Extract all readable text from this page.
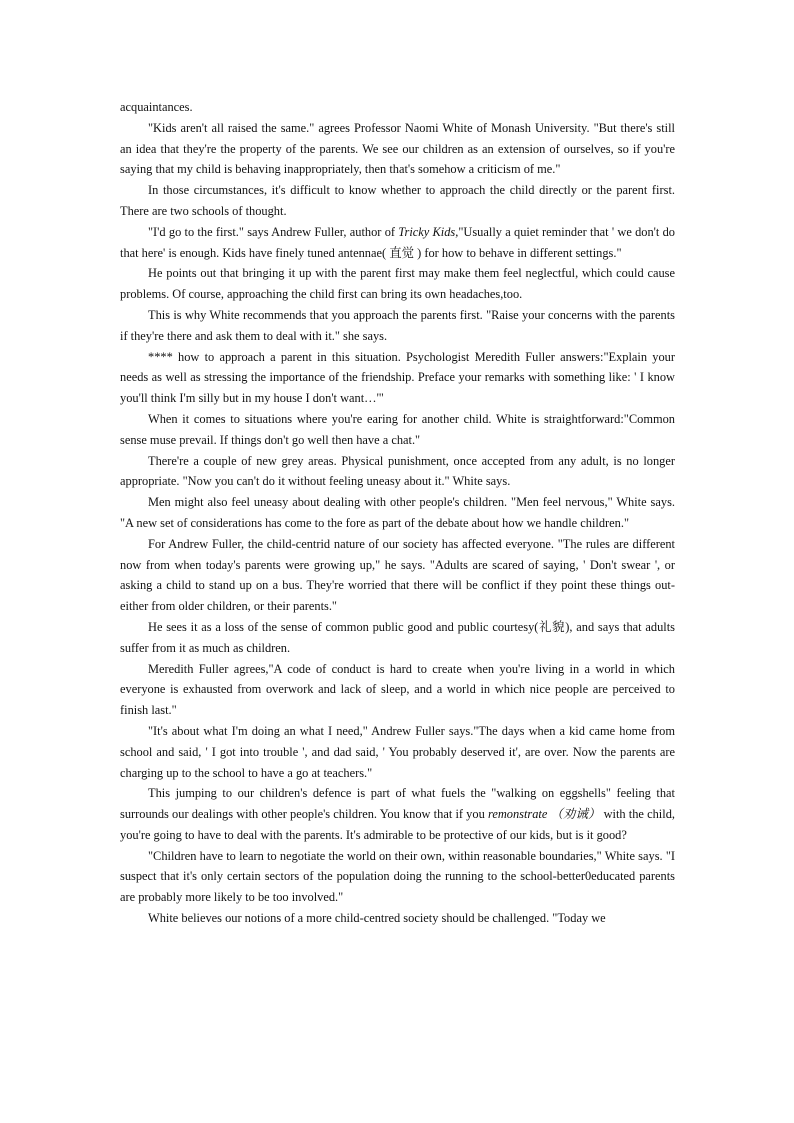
acquaintances.

"Kids aren't all raised the same." agrees Professor Naomi White of Monash University. "But there's still an idea that they're the property of the parents. We see our children as an extension of ourselves, so if you're saying that my child is behaving inappropriately, then that's somehow a criticism of me."

In those circumstances, it's difficult to know whether to approach the child directly or the parent first. There are two schools of thought.

"I'd go to the first." says Andrew Fuller, author of Tricky Kids,"Usually a quiet reminder that ' we don't do that here' is enough. Kids have finely tuned antennae( 直觉 ) for how to behave in different settings."

He points out that bringing it up with the parent first may make them feel neglectful, which could cause problems. Of course, approaching the child first can bring its own headaches,too.

This is why White recommends that you approach the parents first. "Raise your concerns with the parents if they're there and ask them to deal with it." she says.

**** how to approach a parent in this situation. Psychologist Meredith Fuller answers:"Explain your needs as well as stressing the importance of the friendship. Preface your remarks with something like: ' I know you'll think I'm silly but in my house I don't want…'"

When it comes to situations where you're earing for another child. White is straightforward:"Common sense muse prevail. If things don't go well then have a chat."

There're a couple of new grey areas. Physical punishment, once accepted from any adult, is no longer appropriate. "Now you can't do it without feeling uneasy about it." White says.

Men might also feel uneasy about dealing with other people's children. "Men feel nervous," White says. "A new set of considerations has come to the fore as part of the debate about how we handle children."

For Andrew Fuller, the child-centrid nature of our society has affected everyone. "The rules are different now from when today's parents were growing up," he says. "Adults are scared of saying, ' Don't swear ', or asking a child to stand up on a bus. They're worried that there will be conflict if they point these things out-either from older children, or their parents."

He sees it as a loss of the sense of common public good and public courtesy(礼貌), and says that adults suffer from it as much as children.

Meredith Fuller agrees,"A code of conduct is hard to create when you're living in a world in which everyone is exhausted from overwork and lack of sleep, and a world in which nice people are perceived to finish last."

"It's about what I'm doing an what I need," Andrew Fuller says."The days when a kid came home from school and said, ' I got into trouble ', and dad said, ' You probably deserved it', are over. Now the parents are charging up to the school to have a go at teachers."

This jumping to our children's defence is part of what fuels the "walking on eggshells" feeling that surrounds our dealings with other people's children. You know that if you remonstrate （劝诫） with the child, you're going to have to deal with the parents. It's admirable to be protective of our kids, but is it good?

"Children have to learn to negotiate the world on their own, within reasonable boundaries," White says. "I suspect that it's only certain sectors of the population doing the running to the school-better0educated parents are probably more likely to be too involved."

White believes our notions of a more child-centred society should be challenged. "Today we
